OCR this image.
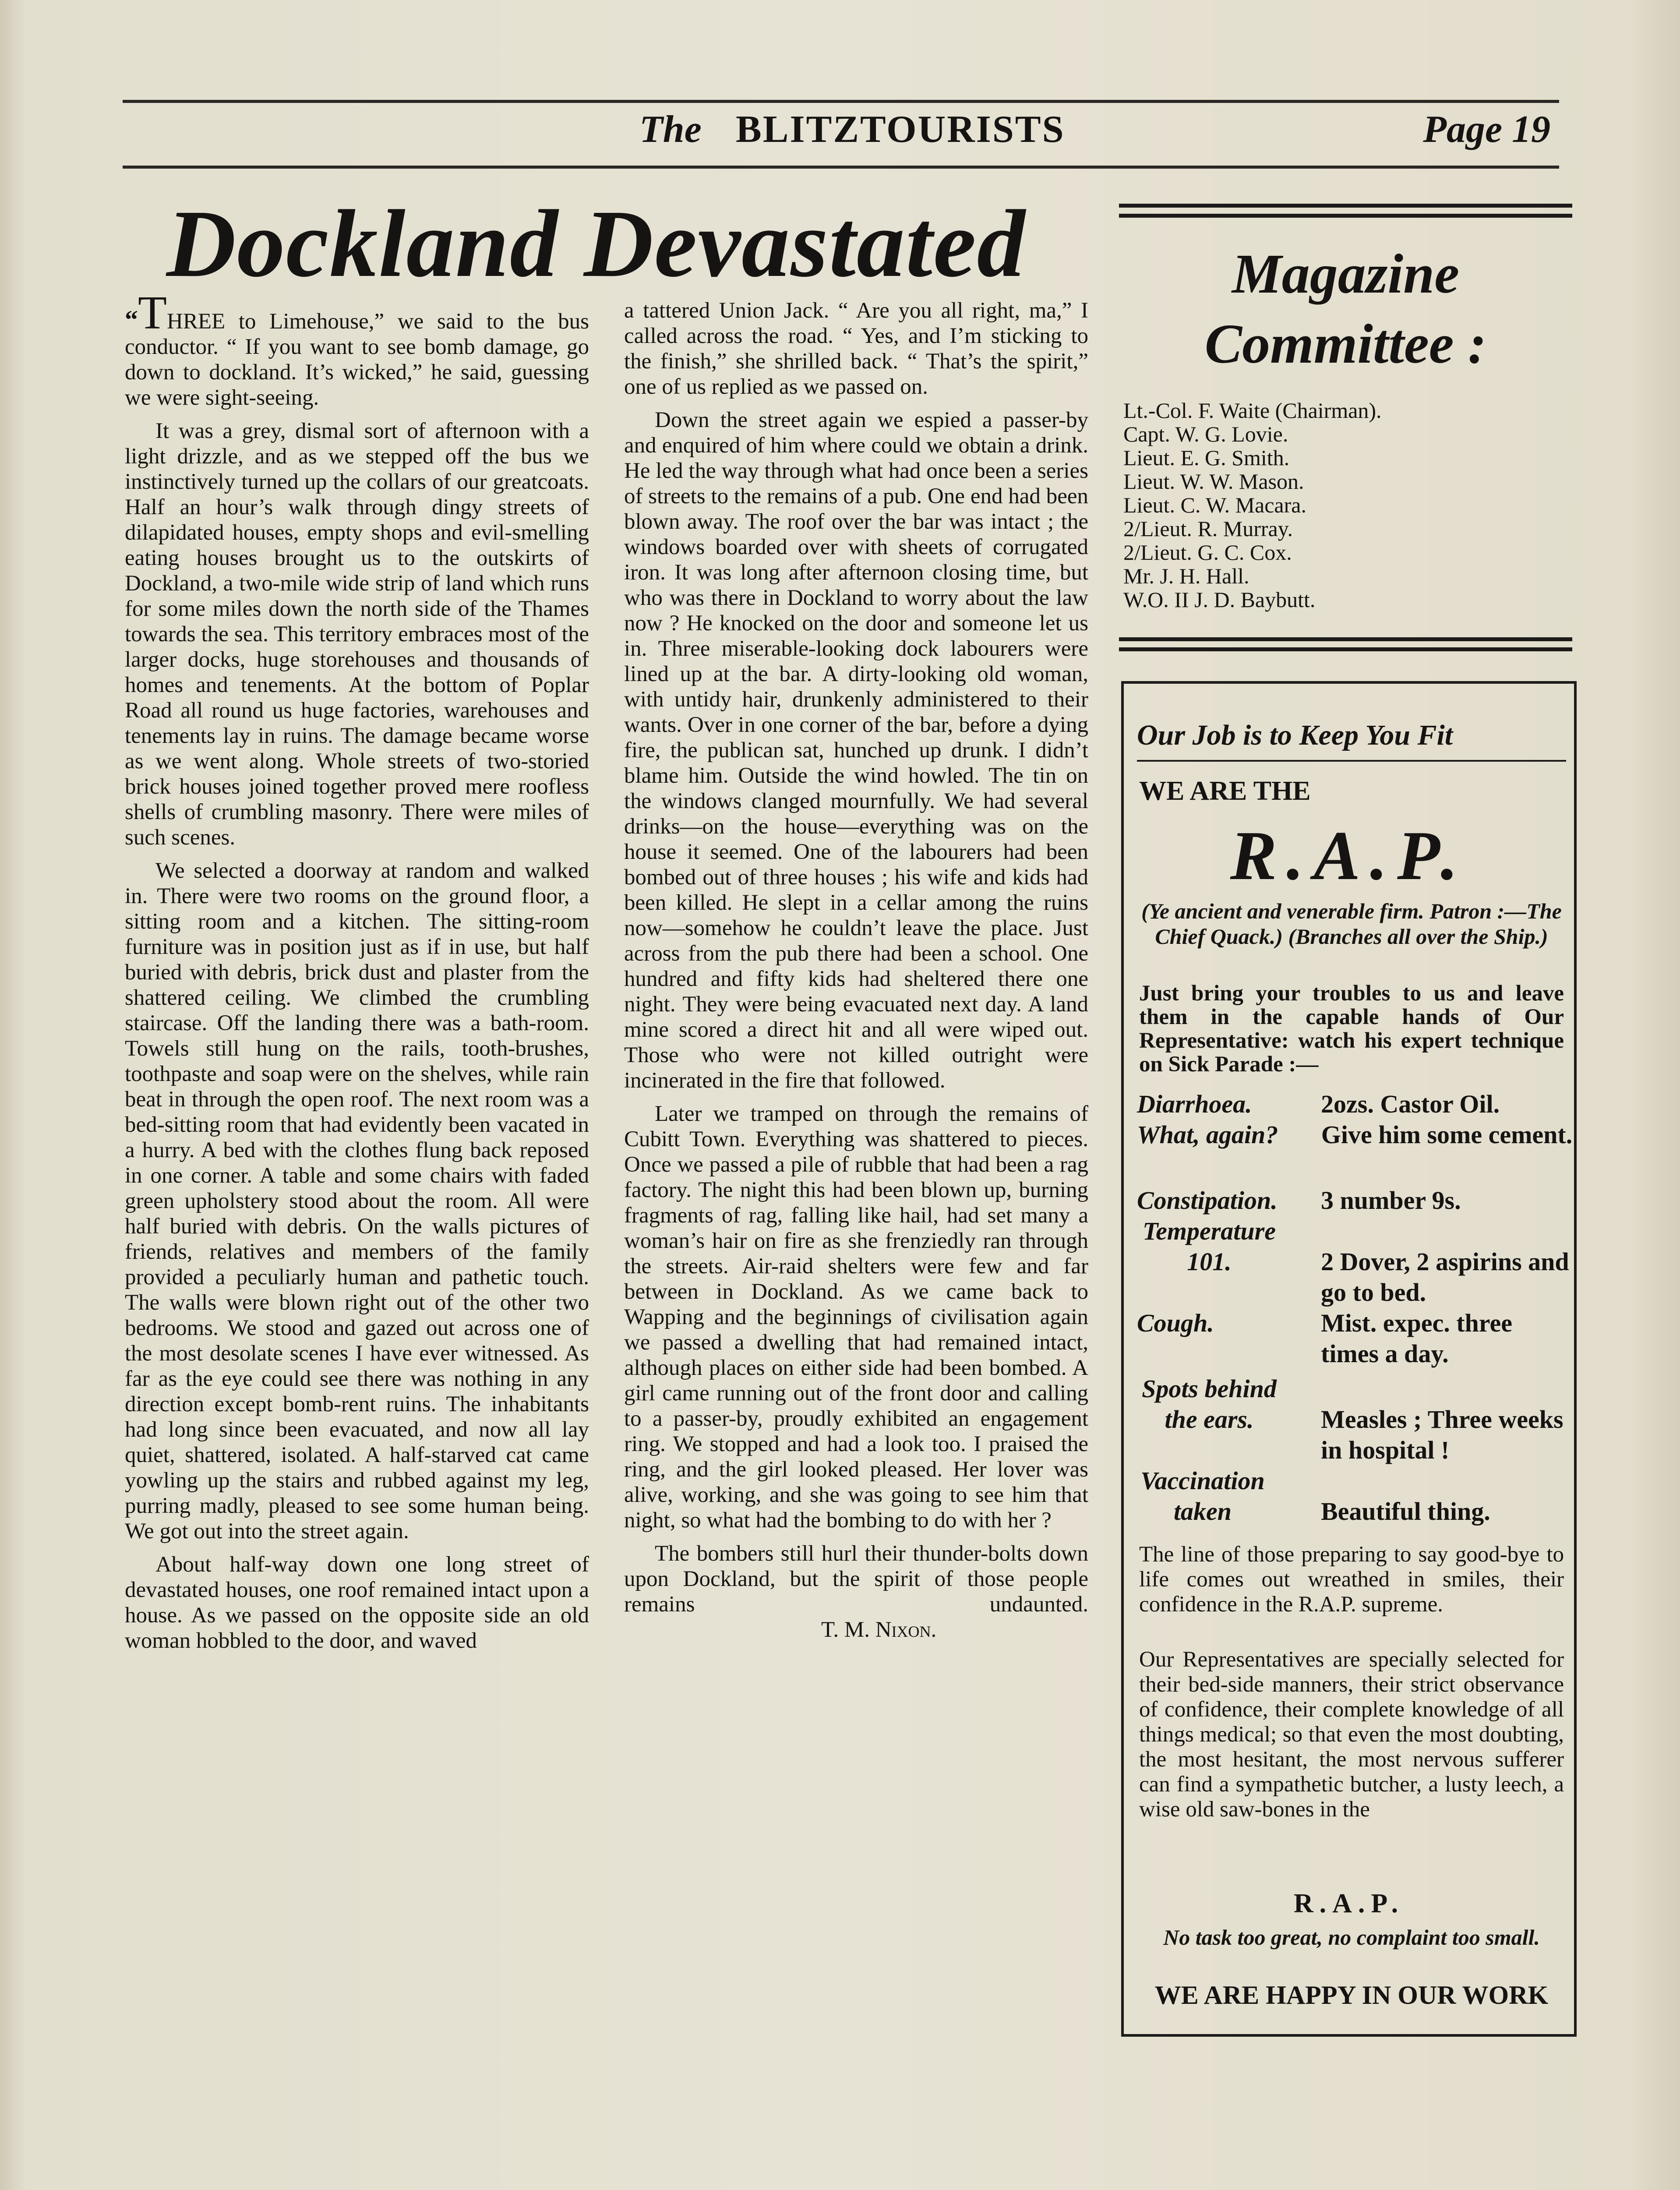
The BLITZTOURISTS	Page 19
Dockland Devastated

“THREE to Limehouse,” we said to the bus conductor. “ If you want to see bomb damage, go down to dockland. It’s wicked,” he said, guessing we were sight-seeing.

It was a grey, dismal sort of afternoon with a light drizzle, and as we stepped off the bus we instinctively turned up the collars of our greatcoats. Half an hour’s walk through dingy streets of dilapidated houses, empty shops and evil-smelling eating houses brought us to the outskirts of Dockland, a two-mile wide strip of land which runs for some miles down the north side of the Thames towards the sea. This territory embraces most of the larger docks, huge storehouses and thousands of homes and tenements. At the bottom of Poplar Road all round us huge factories, warehouses and tenements lay in ruins. The damage became worse as we went along. Whole streets of two-storied brick houses joined together proved mere roofless shells of crumbling masonry. There were miles of such scenes.

We selected a doorway at random and walked in. There were two rooms on the ground floor, a sitting room and a kitchen. The sitting-room furniture was in position just as if in use, but half buried with debris, brick dust and plaster from the shattered ceiling. We climbed the crumbling staircase. Off the landing there was a bath-room. Towels still hung on the rails, tooth-brushes, toothpaste and soap were on the shelves, while rain beat in through the open roof. The next room was a bed-sitting room that had evidently been vacated in a hurry. A bed with the clothes flung back reposed in one corner. A table and some chairs with faded green upholstery stood about the room. All were half buried with debris. On the walls pictures of friends, relatives and members of the family provided a peculiarly human and pathetic touch. The walls were blown right out of the other two bedrooms. We stood and gazed out across one of the most desolate scenes I have ever witnessed. As far as the eye could see there was nothing in any direction except bomb-rent ruins. The inhabitants had long since been evacuated, and now all lay quiet, shattered, isolated. A half-starved cat came yowling up the stairs and rubbed against my leg, purring madly, pleased to see some human being. We got out into the street again.

About half-way down one long street of devastated houses, one roof remained intact upon a house. As we passed on the opposite side an old woman hobbled to the door, and waved

a tattered Union Jack. “ Are you all right, ma,” I called across the road. “ Yes, and I’m sticking to the finish,” she shrilled back. “ That’s the spirit,” one of us replied as we passed on.

Down the street again we espied a passer-by and enquired of him where could we obtain a drink. He led the way through what had once been a series of streets to the remains of a pub. One end had been blown away. The roof over the bar was intact ; the windows boarded over with sheets of corrugated iron. It was long after afternoon closing time, but who was there in Dockland to worry about the law now ? He knocked on the door and someone let us in. Three miserable-looking dock labourers were lined up at the bar. A dirty-looking old woman, with untidy hair, drunkenly administered to their wants. Over in one corner of the bar, before a dying fire, the publican sat, hunched up drunk. I didn’t blame him. Outside the wind howled. The tin on the windows clanged mournfully. We had several drinks—on the house—everything was on the house it seemed. One of the labourers had been bombed out of three houses ; his wife and kids had been killed. He slept in a cellar among the ruins now—somehow he couldn’t leave the place. Just across from the pub there had been a school. One hundred and fifty kids had sheltered there one night. They were being evacuated next day. A land mine scored a direct hit and all were wiped out. Those who were not killed outright were incinerated in the fire that followed.

Later we tramped on through the remains of Cubitt Town. Everything was shattered to pieces. Once we passed a pile of rubble that had been a rag factory. The night this had been blown up, burning fragments of rag, falling like hail, had set many a woman’s hair on fire as she frenziedly ran through the streets. Air-raid shelters were few and far between in Dockland. As we came back to Wapping and the beginnings of civilisation again we passed a dwelling that had remained intact, although places on either side had been bombed. A girl came running out of the front door and calling to a passer-by, proudly exhibited an engagement ring. We stopped and had a look too. I praised the ring, and the girl looked pleased. Her lover was alive, working, and she was going to see him that night, so what had the bombing to do with her ?

The bombers still hurl their thunder-bolts down upon Dockland, but the spirit of those people remains undaunted.T. M. Nixon.

Magazine Committee :
Lt.-Col. F. Waite (Chairman).
Capt. W. G. Lovie.
Lieut. E. G. Smith.
Lieut. W. W. Mason.
Lieut. C. W. Macara.
2/Lieut. R. Murray.
2/Lieut. G. C. Cox.
Mr. J. H. Hall.
W.O. II J. D. Baybutt.
Our Job is to Keep You Fit
WE ARE THE
R.A.P.
(Ye ancient and venerable firm. Patron :—The Chief Quack.) (Branches all over the Ship.)
Just bring your troubles to us and leave them in the capable hands of Our Representative: watch his expert technique on Sick Parade :—
Diarrhoea.	2ozs. Castor Oil.
What, again?	Give him some cement.
Constipation.	3 number 9s.
Temperature 101.	2 Dover, 2 aspirins and go to bed.
Cough.	Mist. expec. three times a day.
Spots behind the ears.	Measles ; Three weeks in hospital !
Vaccination taken	Beautiful thing.
The line of those preparing to say good-bye to life comes out wreathed in smiles, their confidence in the R.A.P. supreme.
Our Representatives are specially selected for their bed-side manners, their strict observance of confidence, their complete knowledge of all things medical; so that even the most doubting, the most hesitant, the most nervous sufferer can find a sympathetic butcher, a lusty leech, a wise old saw-bones in the
R.A.P.
No task too great, no complaint too small.
WE ARE HAPPY IN OUR WORK
